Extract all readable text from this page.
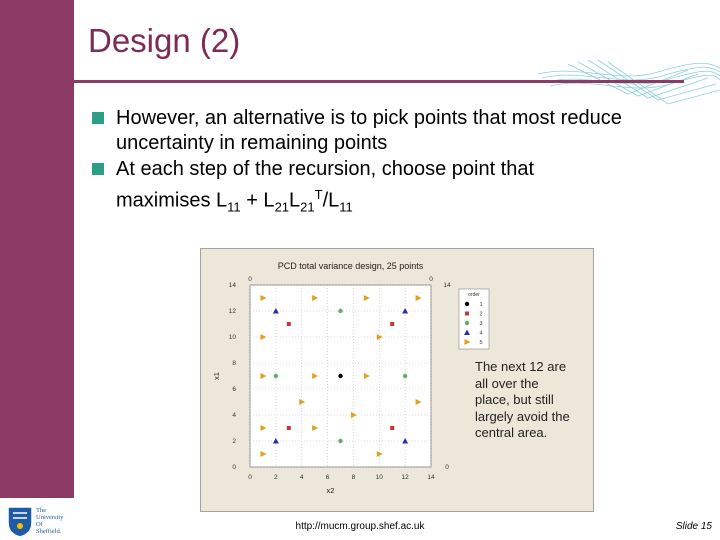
Design (2)
However, an alternative is to pick points that most reduce uncertainty in remaining points
At each step of the recursion, choose point that
maximises $L_{11} + L_{21}L_{21}^T/L_{11}$
PCD total variance design, 25 points
0	2	4	6	8	10	12	14
0
2
4
6
8
10
12
14
0	0
14
0
x2
x1
order
1
2
3
4
5
The next 12 are all over the place, but still largely avoid the central area.
The
University
Of
Sheffield.	http://mucm.group.shef.ac.uk	Slide 15
